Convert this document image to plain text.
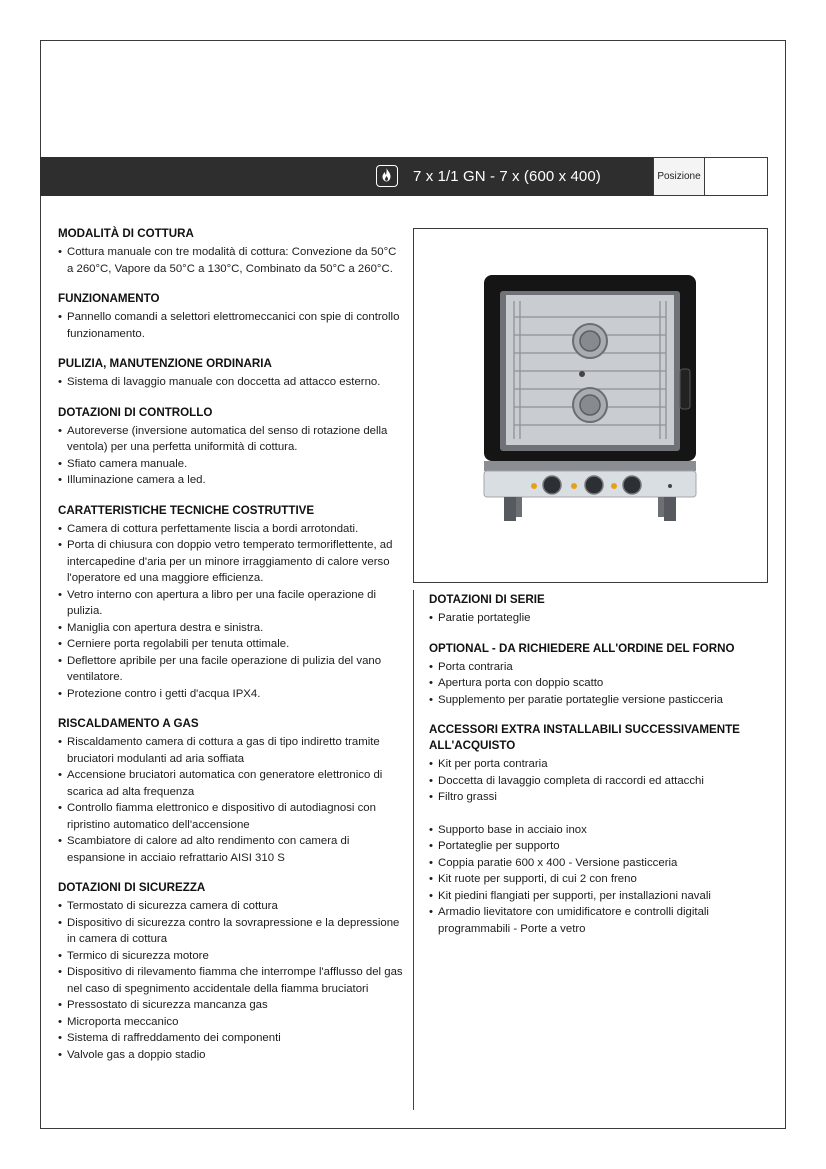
7 x 1/1 GN - 7 x (600 x 400)	Posizione
MODALITÀ DI COTTURA
• Cottura manuale con tre modalità di cottura: Convezione da 50°C a 260°C, Vapore da 50°C a 130°C, Combinato da 50°C a 260°C.
FUNZIONAMENTO
• Pannello comandi a selettori elettromeccanici con spie di controllo funzionamento.
PULIZIA, MANUTENZIONE ORDINARIA
• Sistema di lavaggio manuale con doccetta ad attacco esterno.
DOTAZIONI DI CONTROLLO
• Autoreverse (inversione automatica del senso di rotazione della ventola) per una perfetta uniformità di cottura.
• Sfiato camera manuale.
• Illuminazione camera a led.
CARATTERISTICHE TECNICHE COSTRUTTIVE
• Camera di cottura perfettamente liscia a bordi arrotondati.
• Porta di chiusura con doppio vetro temperato termoriflettente, ad intercapedine d'aria per un minore irraggiamento di calore verso l'operatore ed una maggiore efficienza.
• Vetro interno con apertura a libro per una facile operazione di pulizia.
• Maniglia con apertura destra e sinistra.
• Cerniere porta regolabili per tenuta ottimale.
• Deflettore apribile per una facile operazione di pulizia del vano ventilatore.
• Protezione contro i getti d'acqua IPX4.
RISCALDAMENTO A GAS
• Riscaldamento camera di cottura a gas di tipo indiretto tramite bruciatori modulanti ad aria soffiata
• Accensione bruciatori automatica con generatore elettronico di scarica ad alta frequenza
• Controllo fiamma elettronico e dispositivo di autodiagnosi con ripristino automatico dell'accensione
• Scambiatore di calore ad alto rendimento con camera di espansione in acciaio refrattario AISI 310 S
DOTAZIONI DI SICUREZZA
• Termostato di sicurezza camera di cottura
• Dispositivo di sicurezza contro la sovrapressione e la depressione in camera di cottura
• Termico di sicurezza motore
• Dispositivo di rilevamento fiamma che interrompe l'afflusso del gas nel caso di spegnimento accidentale della fiamma bruciatori
• Pressostato di sicurezza mancanza gas
• Microporta meccanico
• Sistema di raffreddamento dei componenti
• Valvole gas a doppio stadio
DOTAZIONI DI SERIE
• Paratie portateglie
OPTIONAL - DA RICHIEDERE ALL'ORDINE DEL FORNO
• Porta contraria
• Apertura porta con doppio scatto
• Supplemento per paratie portateglie versione pasticceria
ACCESSORI EXTRA INSTALLABILI SUCCESSIVAMENTE ALL'ACQUISTO
• Kit per porta contraria
• Doccetta di lavaggio completa di raccordi ed attacchi
• Filtro grassi
• Supporto base in acciaio inox
• Portateglie per supporto
• Coppia paratie 600 x 400 - Versione pasticceria
• Kit ruote per supporti, di cui 2 con freno
• Kit piedini flangiati per supporti, per installazioni navali
• Armadio lievitatore con umidificatore e controlli digitali programmabili - Porte a vetro
